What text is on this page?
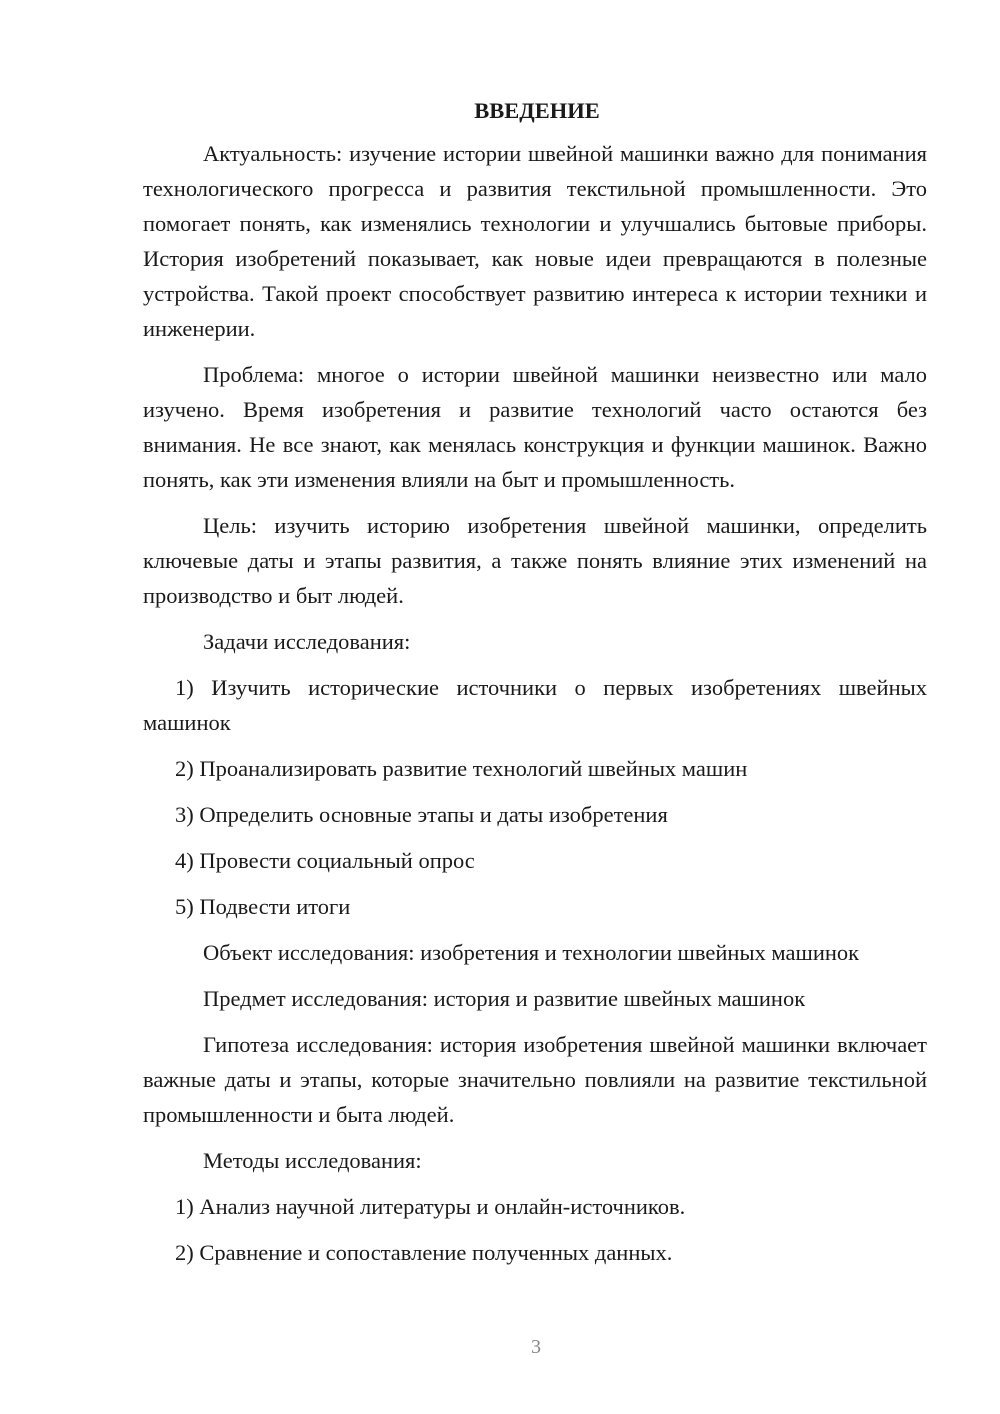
ВВЕДЕНИЕ

Актуальность: изучение истории швейной машинки важно для понимания технологического прогресса и развития текстильной промышленности. Это помогает понять, как изменялись технологии и улучшались бытовые приборы. История изобретений показывает, как новые идеи превращаются в полезные устройства. Такой проект способствует развитию интереса к истории техники и инженерии.

Проблема: многое о истории швейной машинки неизвестно или мало изучено. Время изобретения и развитие технологий часто остаются без внимания. Не все знают, как менялась конструкция и функции машинок. Важно понять, как эти изменения влияли на быт и промышленность.

Цель: изучить историю изобретения швейной машинки, определить ключевые даты и этапы развития, а также понять влияние этих изменений на производство и быт людей.

Задачи исследования:

1) Изучить исторические источники о первых изобретениях швейных машинок

2) Проанализировать развитие технологий швейных машин

3) Определить основные этапы и даты изобретения

4) Провести социальный опрос

5) Подвести итоги

Объект исследования: изобретения и технологии швейных машинок

Предмет исследования: история и развитие швейных машинок

Гипотеза исследования: история изобретения швейной машинки включает важные даты и этапы, которые значительно повлияли на развитие текстильной промышленности и быта людей.

Методы исследования:

1) Анализ научной литературы и онлайн-источников.

2) Сравнение и сопоставление полученных данных.

3
